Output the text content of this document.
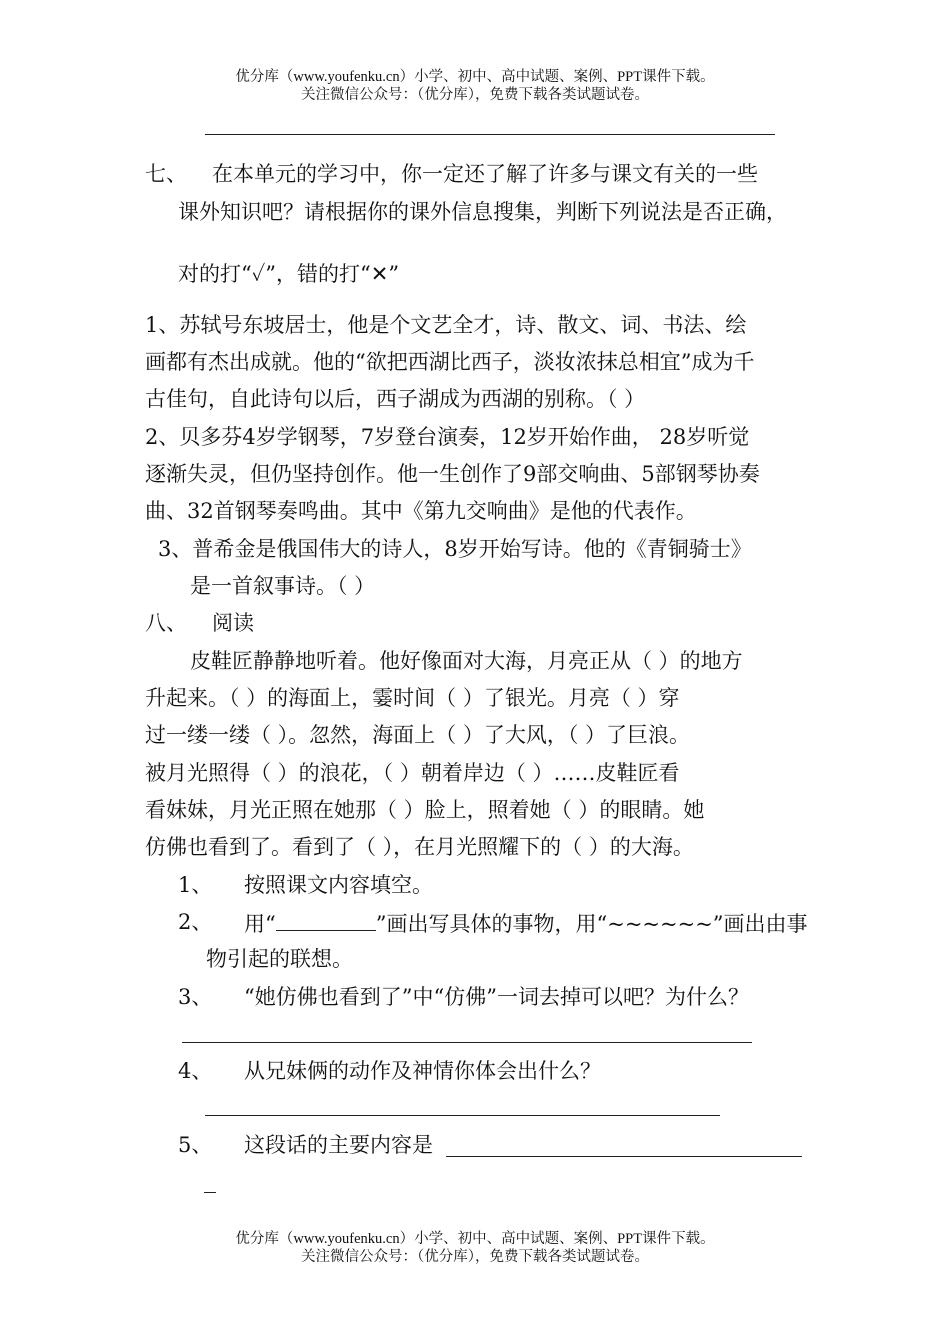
优分库（www.youfenku.cn）小学、初中、高中试题、案例、PPT课件下载。
关注微信公众号：（优分库），免费下载各类试题试卷。
七、 在本单元的学习中，你一定还了解了许多与课文有关的一些
课外知识吧？请根据你的课外信息搜集，判断下列说法是否正确，
对的打“✓”，错的打“✕”
1、苏轼号东坡居士，他是个文艺全才，诗、散文、词、书法、绘
画都有杰出成就。他的“欲把西湖比西子，淡妆浓抹总相宜”成为千
古佳句，自此诗句以后，西子湖成为西湖的别称。（ ）
2、贝多芬4岁学钢琴，7岁登台演奏，12岁开始作曲， 28岁听觉
逐渐失灵，但仍坚持创作。他一生创作了9部交响曲、5部钢琴协奏
曲、32首钢琴奏鸣曲。其中《第九交响曲》是他的代表作。
3、普希金是俄国伟大的诗人，8岁开始写诗。他的《青铜骑士》
是一首叙事诗。（ ）
八、 阅读
皮鞋匠静静地听着。他好像面对大海，月亮正从（ ）的地方
升起来。（ ）的海面上，霎时间（ ）了银光。月亮（ ）穿
过一缕一缕（ ）。忽然，海面上（ ）了大风，（ ）了巨浪。
被月光照得（ ）的浪花，（ ）朝着岸边（ ）……皮鞋匠看
看妹妹，月光正照在她那（ ）脸上，照着她（ ）的眼睛。她
仿佛也看到了。看到了（ ），在月光照耀下的（ ）的大海。
1、 按照课文内容填空。
2、 用“	”画出写具体的事物，用“~~~~~~”画出由事
物引起的联想。
3、 “她仿佛也看到了”中“仿佛”一词去掉可以吧？为什么？
4、 从兄妹俩的动作及神情你体会出什么？
5、 这段话的主要内容是
优分库（www.youfenku.cn）小学、初中、高中试题、案例、PPT课件下载。
关注微信公众号：（优分库），免费下载各类试题试卷。
